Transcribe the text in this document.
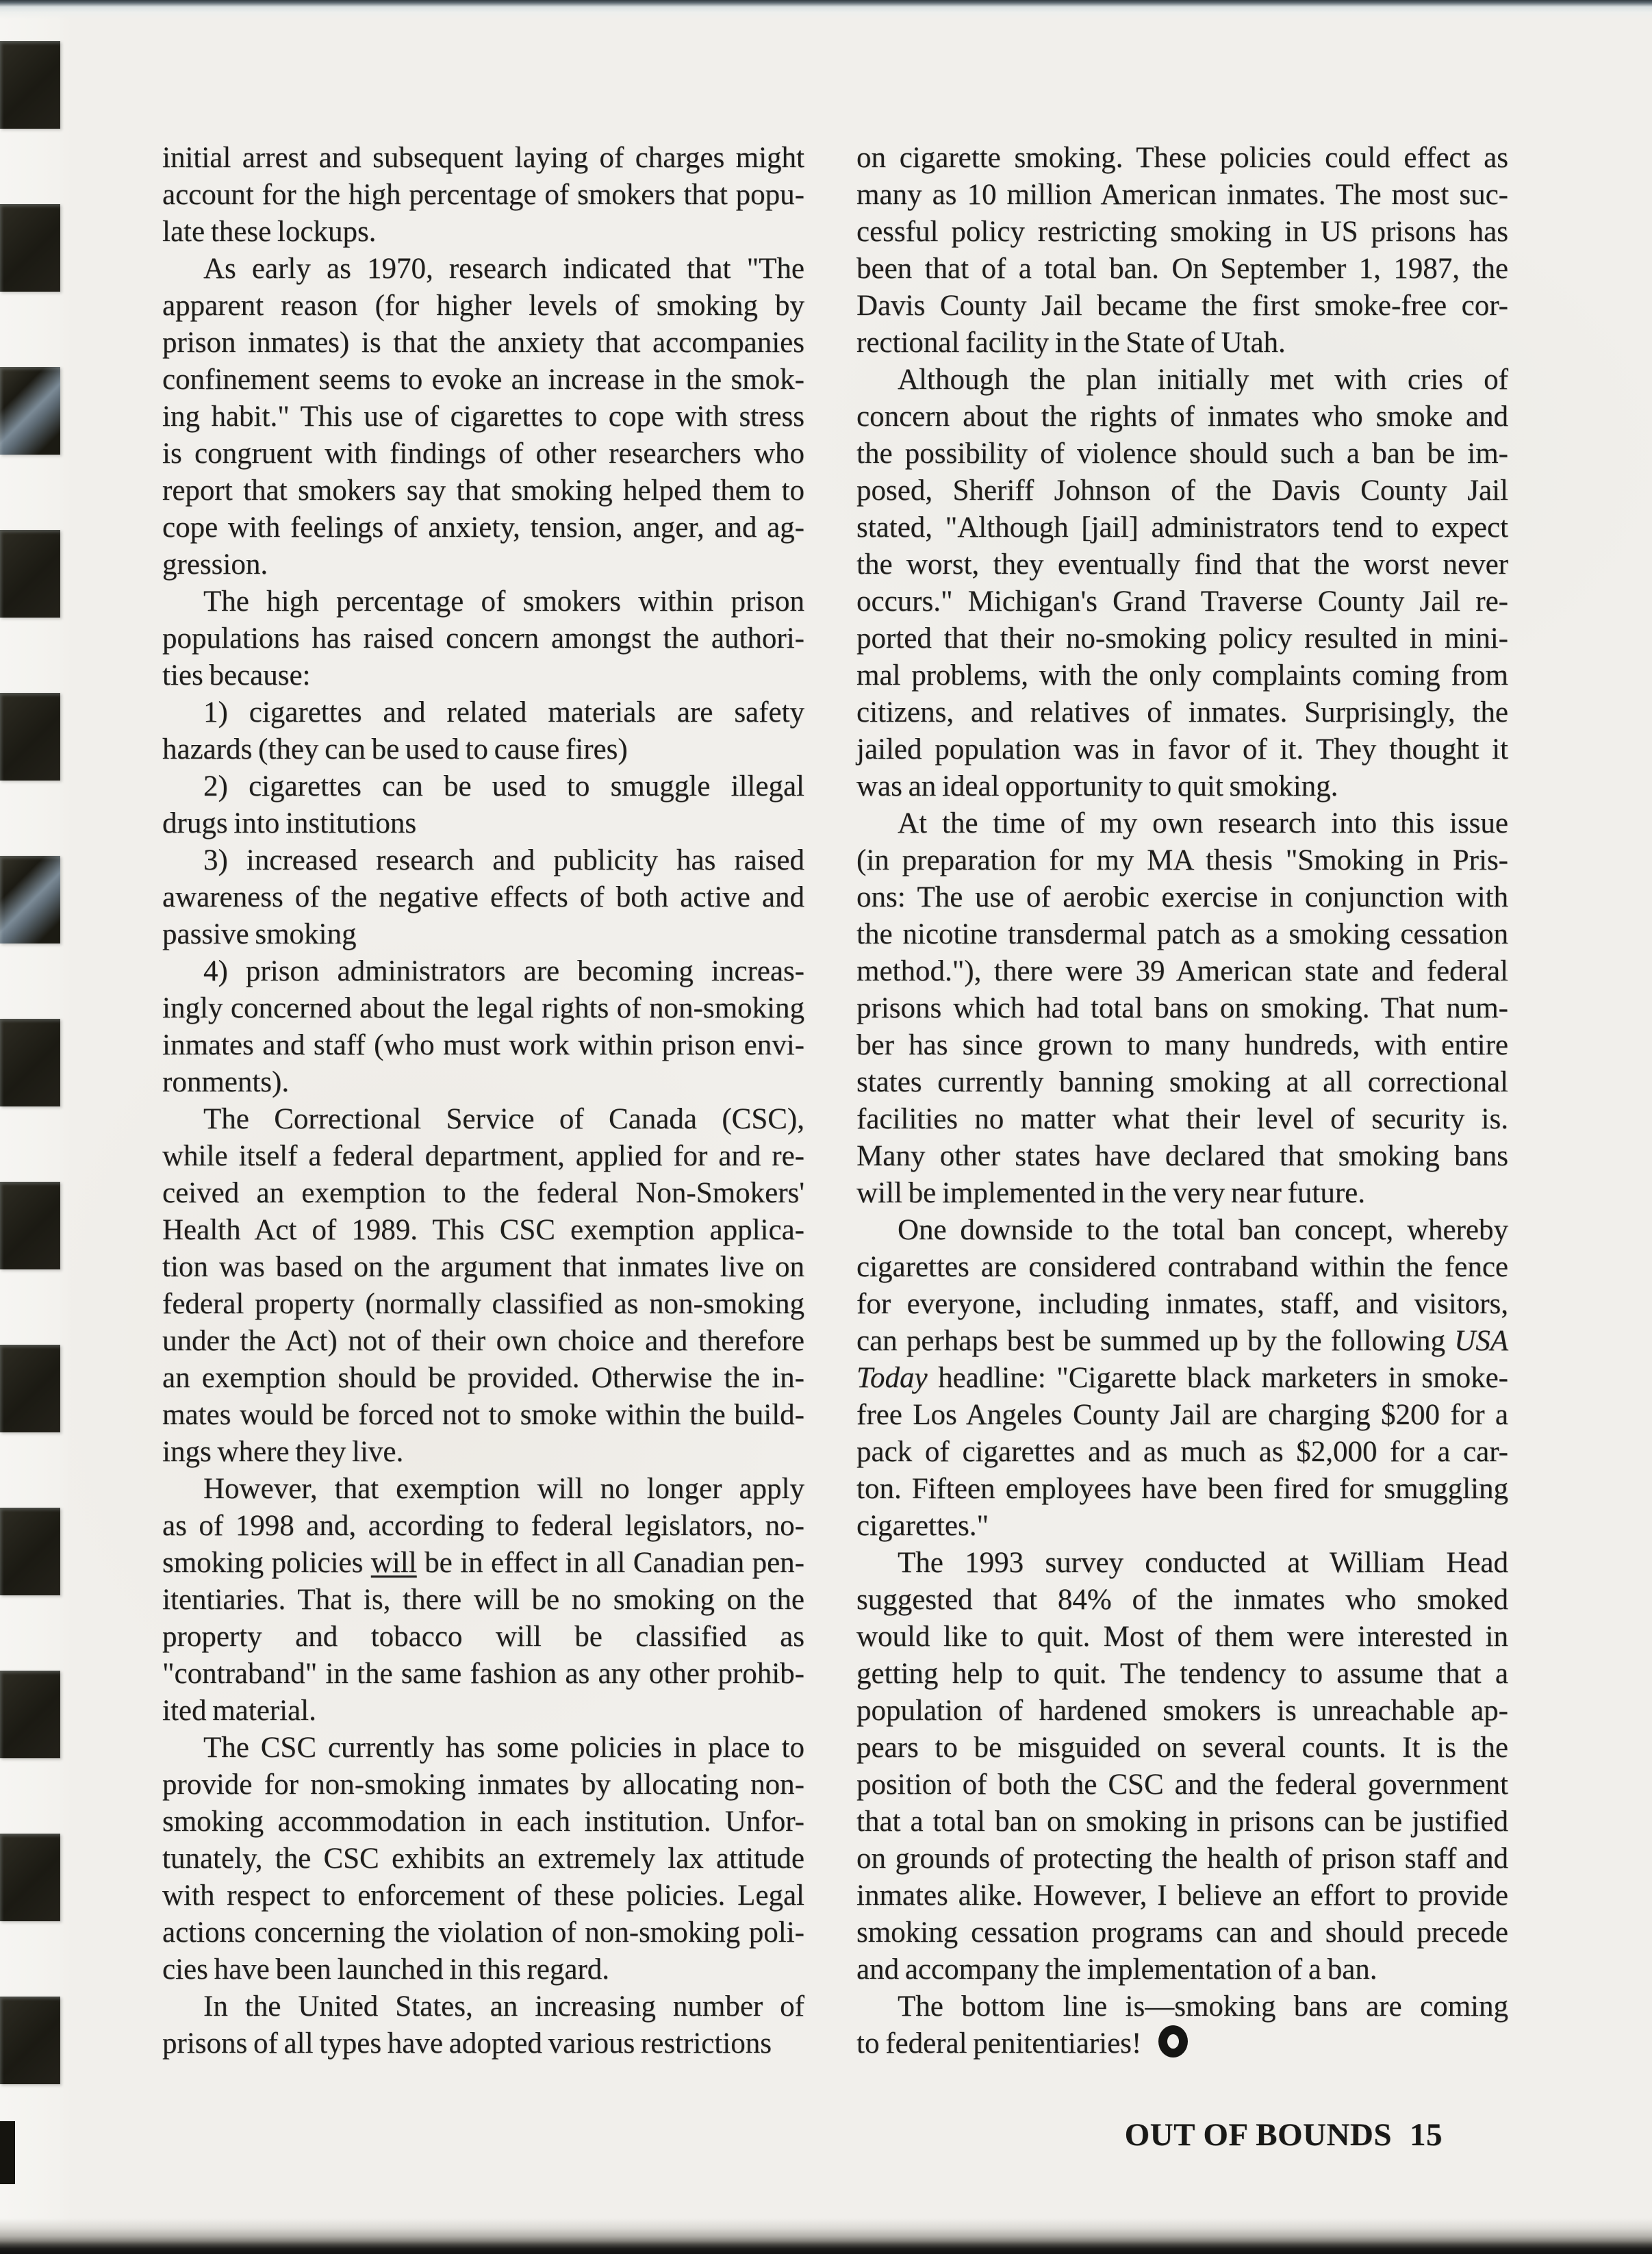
initial arrest and subsequent laying of charges might
account for the high percentage of smokers that popu-
late these lockups.
As early as 1970, research indicated that "The
apparent reason (for higher levels of smoking by
prison inmates) is that the anxiety that accompanies
confinement seems to evoke an increase in the smok-
ing habit." This use of cigarettes to cope with stress
is congruent with findings of other researchers who
report that smokers say that smoking helped them to
cope with feelings of anxiety, tension, anger, and ag-
gression.
The high percentage of smokers within prison
populations has raised concern amongst the authori-
ties because:
1) cigarettes and related materials are safety
hazards (they can be used to cause fires)
2) cigarettes can be used to smuggle illegal
drugs into institutions
3) increased research and publicity has raised
awareness of the negative effects of both active and
passive smoking
4) prison administrators are becoming increas-
ingly concerned about the legal rights of non-smoking
inmates and staff (who must work within prison envi-
ronments).
The Correctional Service of Canada (CSC),
while itself a federal department, applied for and re-
ceived an exemption to the federal Non-Smokers'
Health Act of 1989. This CSC exemption applica-
tion was based on the argument that inmates live on
federal property (normally classified as non-smoking
under the Act) not of their own choice and therefore
an exemption should be provided. Otherwise the in-
mates would be forced not to smoke within the build-
ings where they live.
However, that exemption will no longer apply
as of 1998 and, according to federal legislators, no-
smoking policies will be in effect in all Canadian pen-
itentiaries. That is, there will be no smoking on the
property and tobacco will be classified as
"contraband" in the same fashion as any other prohib-
ited material.
The CSC currently has some policies in place to
provide for non-smoking inmates by allocating non-
smoking accommodation in each institution. Unfor-
tunately, the CSC exhibits an extremely lax attitude
with respect to enforcement of these policies. Legal
actions concerning the violation of non-smoking poli-
cies have been launched in this regard.
In the United States, an increasing number of
prisons of all types have adopted various restrictions
on cigarette smoking. These policies could effect as
many as 10 million American inmates. The most suc-
cessful policy restricting smoking in US prisons has
been that of a total ban. On September 1, 1987, the
Davis County Jail became the first smoke-free cor-
rectional facility in the State of Utah.
Although the plan initially met with cries of
concern about the rights of inmates who smoke and
the possibility of violence should such a ban be im-
posed, Sheriff Johnson of the Davis County Jail
stated, "Although [jail] administrators tend to expect
the worst, they eventually find that the worst never
occurs." Michigan's Grand Traverse County Jail re-
ported that their no-smoking policy resulted in mini-
mal problems, with the only complaints coming from
citizens, and relatives of inmates. Surprisingly, the
jailed population was in favor of it. They thought it
was an ideal opportunity to quit smoking.
At the time of my own research into this issue
(in preparation for my MA thesis "Smoking in Pris-
ons: The use of aerobic exercise in conjunction with
the nicotine transdermal patch as a smoking cessation
method."), there were 39 American state and federal
prisons which had total bans on smoking. That num-
ber has since grown to many hundreds, with entire
states currently banning smoking at all correctional
facilities no matter what their level of security is.
Many other states have declared that smoking bans
will be implemented in the very near future.
One downside to the total ban concept, whereby
cigarettes are considered contraband within the fence
for everyone, including inmates, staff, and visitors,
can perhaps best be summed up by the following USA
Today headline: "Cigarette black marketers in smoke-
free Los Angeles County Jail are charging $200 for a
pack of cigarettes and as much as $2,000 for a car-
ton. Fifteen employees have been fired for smuggling
cigarettes."
The 1993 survey conducted at William Head
suggested that 84% of the inmates who smoked
would like to quit. Most of them were interested in
getting help to quit. The tendency to assume that a
population of hardened smokers is unreachable ap-
pears to be misguided on several counts. It is the
position of both the CSC and the federal government
that a total ban on smoking in prisons can be justified
on grounds of protecting the health of prison staff and
inmates alike. However, I believe an effort to provide
smoking cessation programs can and should precede
and accompany the implementation of a ban.
The bottom line is—smoking bans are coming
to federal penitentiaries!
OUT OF BOUNDS 15
